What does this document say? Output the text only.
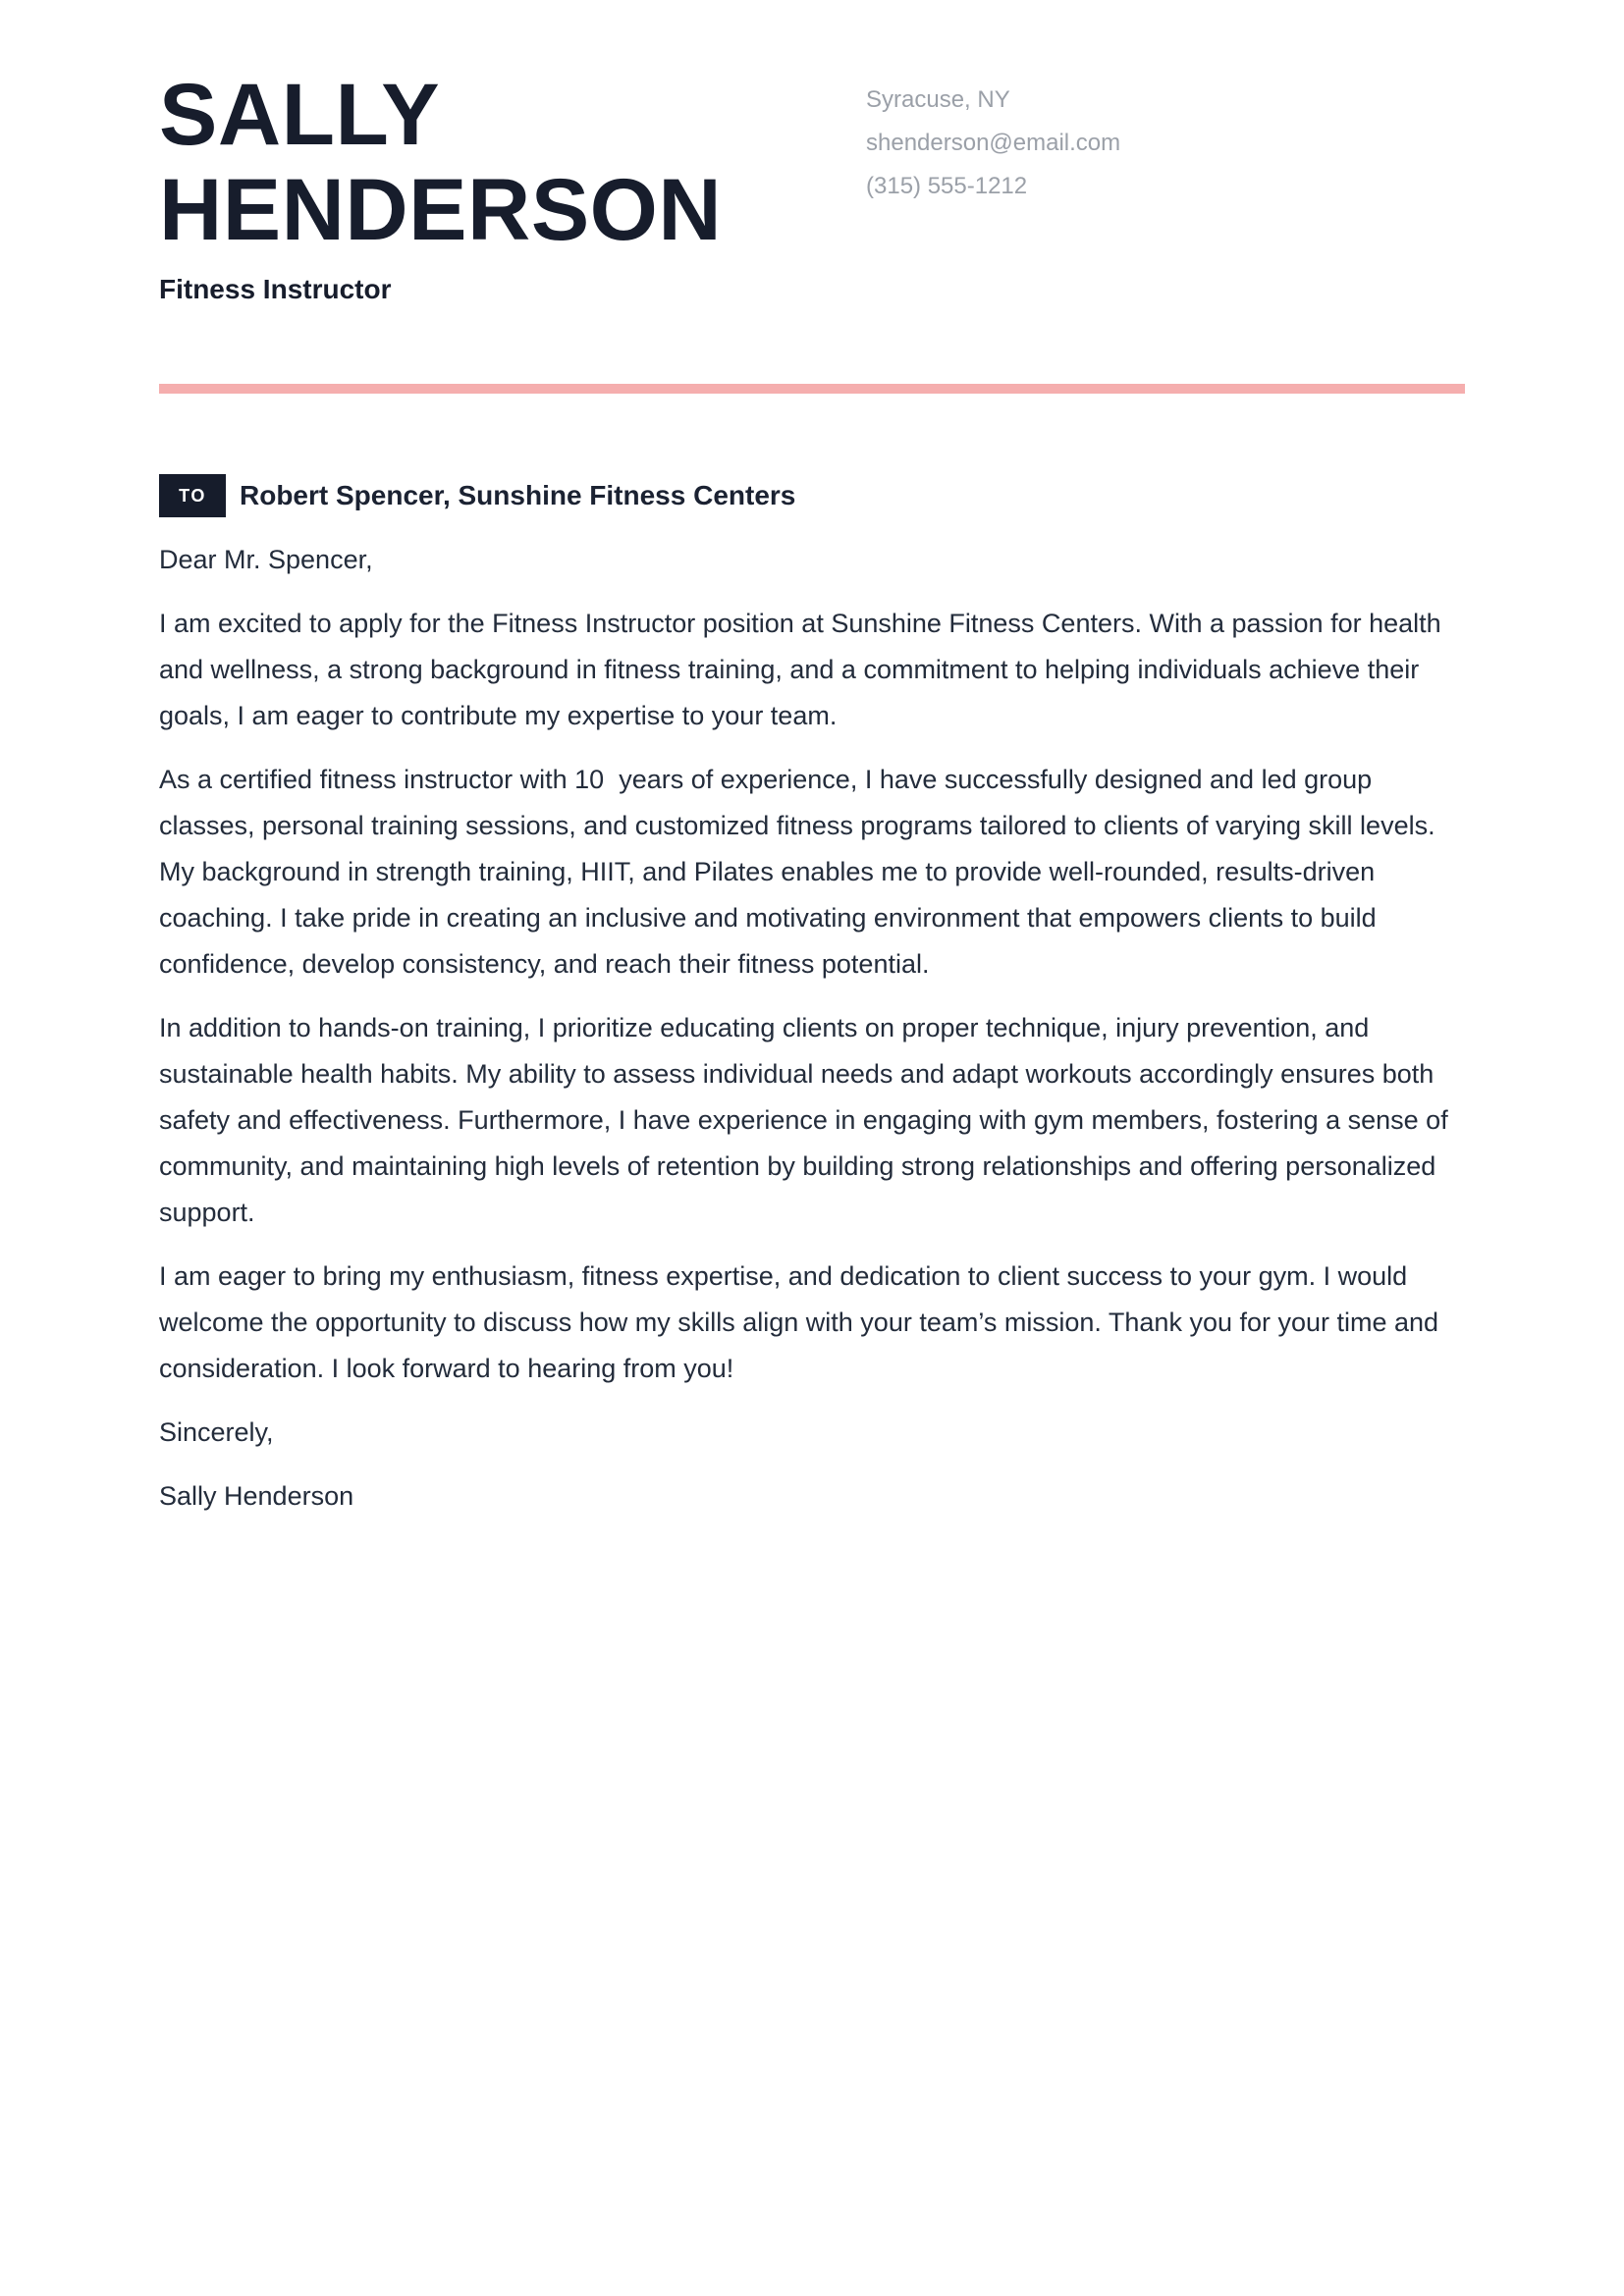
SALLY
HENDERSON
Fitness Instructor
Syracuse, NY
shenderson@email.com
(315) 555-1212
TO	Robert Spencer, Sunshine Fitness Centers

Dear Mr. Spencer,

I am excited to apply for the Fitness Instructor position at Sunshine Fitness Centers. With a passion for health and wellness, a strong background in fitness training, and a commitment to helping individuals achieve their goals, I am eager to contribute my expertise to your team.

As a certified fitness instructor with 10  years of experience, I have successfully designed and led group classes, personal training sessions, and customized fitness programs tailored to clients of varying skill levels. My background in strength training, HIIT, and Pilates enables me to provide well-rounded, results-driven coaching. I take pride in creating an inclusive and motivating environment that empowers clients to build confidence, develop consistency, and reach their fitness potential.

In addition to hands-on training, I prioritize educating clients on proper technique, injury prevention, and sustainable health habits. My ability to assess individual needs and adapt workouts accordingly ensures both safety and effectiveness. Furthermore, I have experience in engaging with gym members, fostering a sense of community, and maintaining high levels of retention by building strong relationships and offering personalized support.

I am eager to bring my enthusiasm, fitness expertise, and dedication to client success to your gym. I would welcome the opportunity to discuss how my skills align with your team’s mission. Thank you for your time and consideration. I look forward to hearing from you!

Sincerely,

Sally Henderson
